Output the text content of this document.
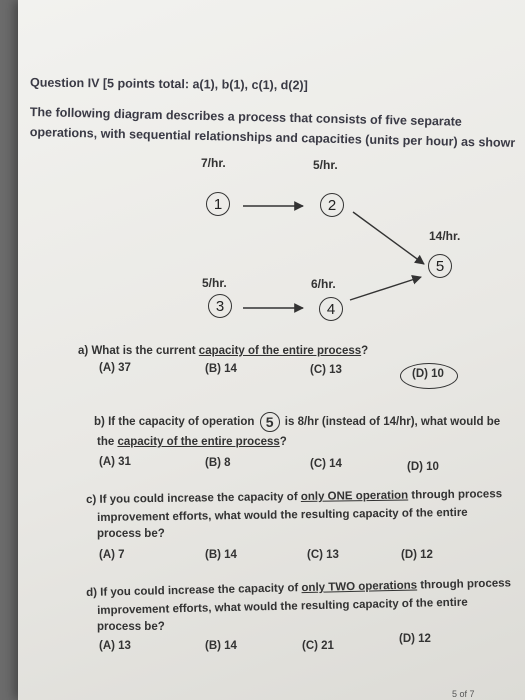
Question IV [5 points total: a(1), b(1), c(1), d(2)]
The following diagram describes a process that consists of five separate
operations, with sequential relationships and capacities (units per hour) as showr
7/hr.	5/hr.
14/hr.
5/hr.	6/hr.
1	2
5
3	4
a) What is the current capacity of the entire process?
(A) 37	(B) 14	(C) 13	(D) 10
b) If the capacity of operation 5 is 8/hr (instead of 14/hr), what would be
the capacity of the entire process?
(A) 31	(B) 8	(C) 14	(D) 10
c) If you could increase the capacity of only ONE operation through process
improvement efforts, what would the resulting capacity of the entire
process be?
(A) 7	(B) 14	(C) 13	(D) 12
d) If you could increase the capacity of only TWO operations through process
improvement efforts, what would the resulting capacity of the entire
process be?
(A) 13	(B) 14	(C) 21
(D) 12
5 of 7
